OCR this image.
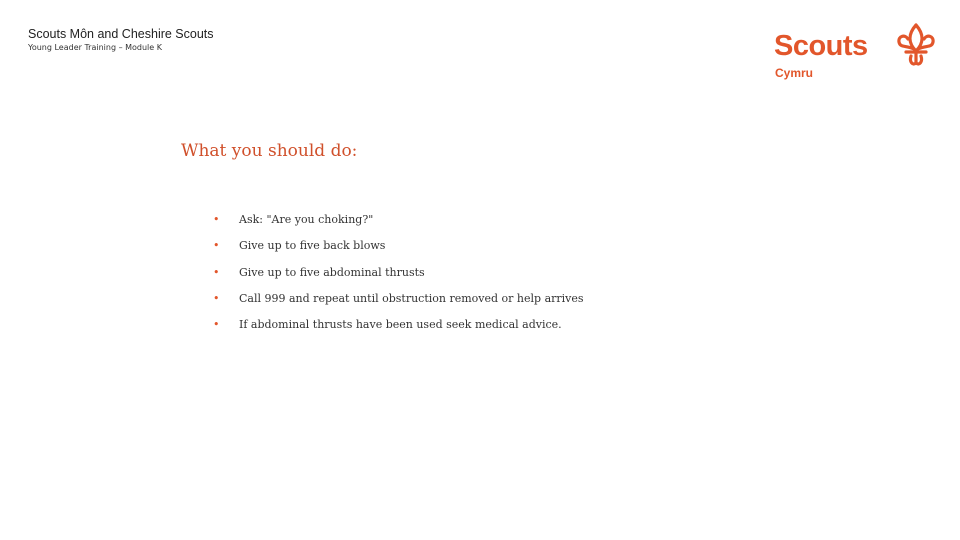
Scouts Môn and Cheshire Scouts
Young Leader Training – Module K	Scouts
Cymru
What you should do:
• Ask: "Are you choking?"
• Give up to five back blows
• Give up to five abdominal thrusts
• Call 999 and repeat until obstruction removed or help arrives
• If abdominal thrusts have been used seek medical advice.
